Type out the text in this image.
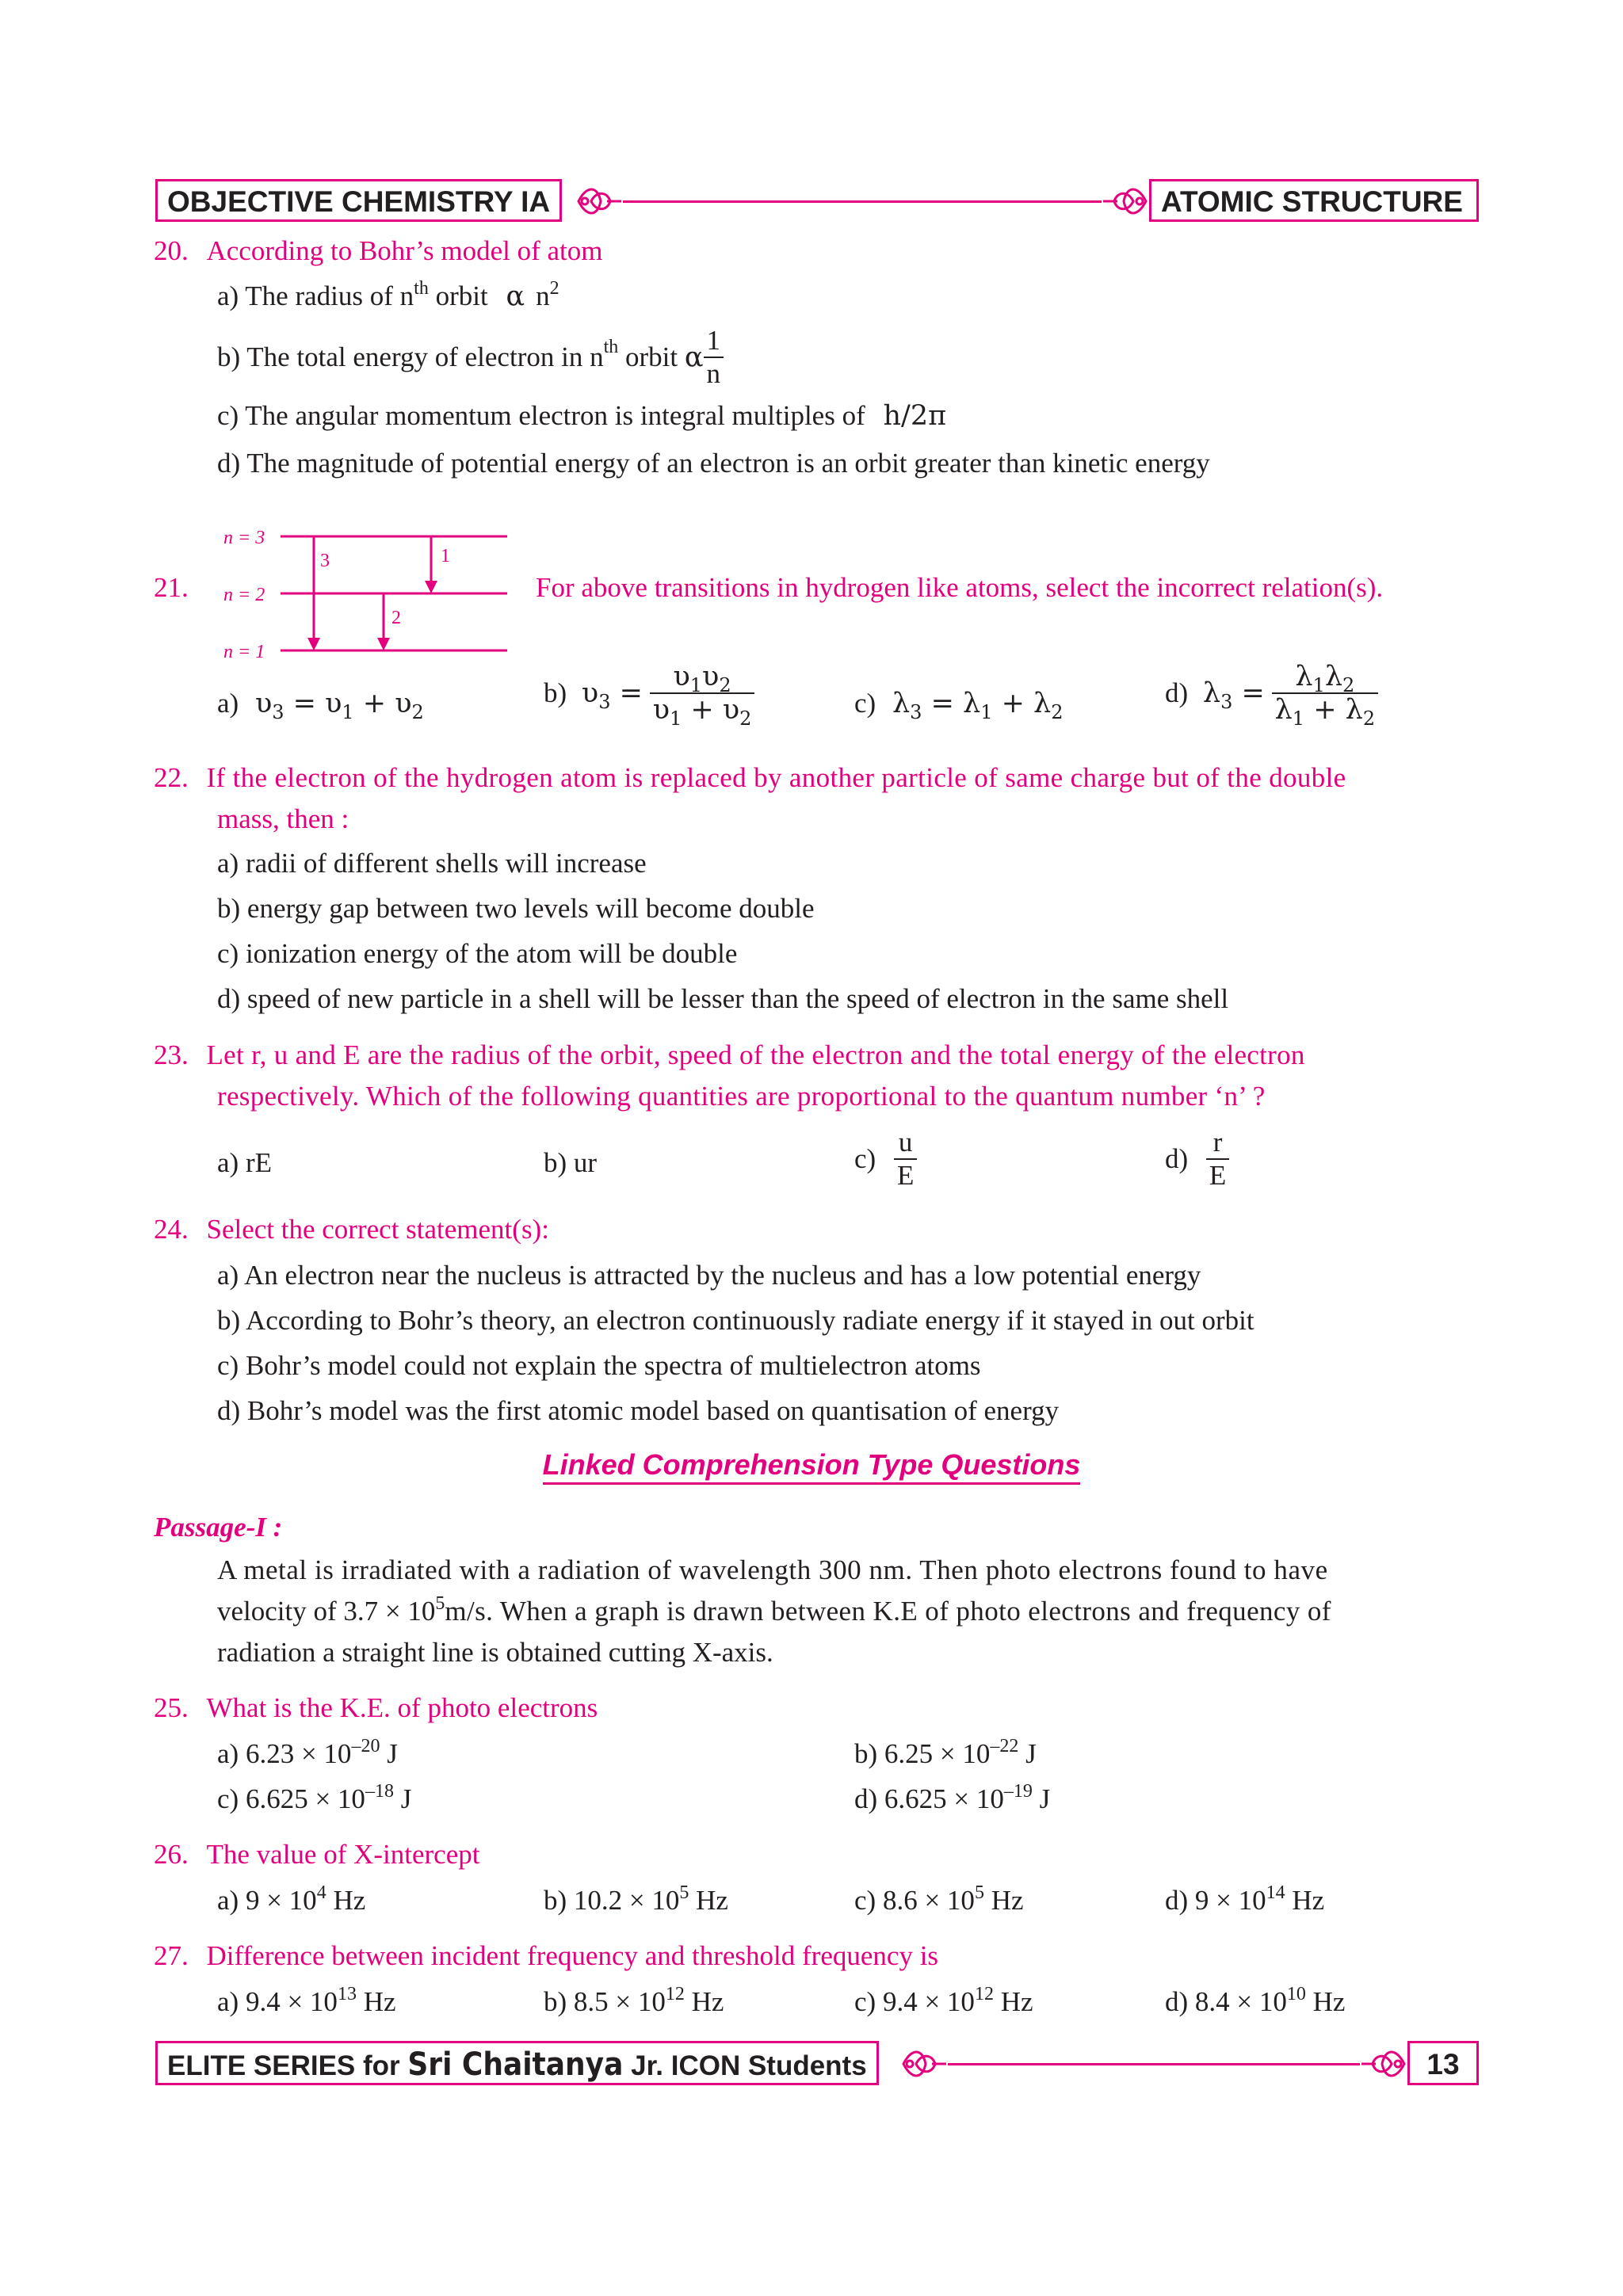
OBJECTIVE CHEMISTRY IA	ATOMIC STRUCTURE
20. According to Bohr’s model of atom
a) The radius of $n^{th}$ orbit α $n^2$
b) The total energy of electron in $n^{th}$ orbit α $\frac{1}{n}$
c) The angular momentum electron is integral multiples of h/2π
d) The magnitude of potential energy of an electron is an orbit greater than kinetic energy
n = 3
n = 2
n = 1
3	1
2
21.	For above transitions in hydrogen like atoms, select the incorrect relation(s).
a) $\upsilon_3 = \upsilon_1 + \upsilon_2$
b) $\upsilon_3 = \frac{\upsilon_1\upsilon_2}{\upsilon_1 + \upsilon_2}$	c) $\lambda_3 = \lambda_1 + \lambda_2$
d) $\lambda_3 = \frac{\lambda_1\lambda_2}{\lambda_1 + \lambda_2}$
22. If the electron of the hydrogen atom is replaced by another particle of same charge but of the double
mass, then :
a) radii of different shells will increase
b) energy gap between two levels will become double
c) ionization energy of the atom will be double
d) speed of new particle in a shell will be lesser than the speed of electron in the same shell
23. Let r, u and E are the radius of the orbit, speed of the electron and the total energy of the electron
respectively. Which of the following quantities are proportional to the quantum number ‘n’ ?
a) rE	b) ur	$c) \frac{u}{E}$	$d) \frac{r}{E}$
24. Select the correct statement(s):
a) An electron near the nucleus is attracted by the nucleus and has a low potential energy
b) According to Bohr’s theory, an electron continuously radiate energy if it stayed in out orbit
c) Bohr’s model could not explain the spectra of multielectron atoms
d) Bohr’s model was the first atomic model based on quantisation of energy
Linked Comprehension Type Questions
Passage-I :
A metal is irradiated with a radiation of wavelength 300 nm. Then photo electrons found to have
velocity of $3.7 \times 10^5m/s$. When a graph is drawn between K.E of photo electrons and frequency of
radiation a straight line is obtained cutting X-axis.
25. What is the K.E. of photo electrons
a) $6.23 \times 10^{-20}$ J	b) $6.25 \times 10^{-22}$ J
c) $6.625 \times 10^{-18}$ J	d) $6.625 \times 10^{-19}$ J
26. The value of X-intercept
a) $9 \times 10^4$ Hz	b) $10.2 \times 10^5$ Hz	c) $8.6 \times 10^5$ Hz	d) $9 \times 10^{14}$ Hz
27. Difference between incident frequency and threshold frequency is
a) $9.4 \times 10^{13}$ Hz	b) $8.5 \times 10^{12}$ Hz	c) $9.4 \times 10^{12}$ Hz	d) $8.4 \times 10^{10}$ Hz
ELITE SERIES for Sri Chaitanya Jr. ICON Students	13
